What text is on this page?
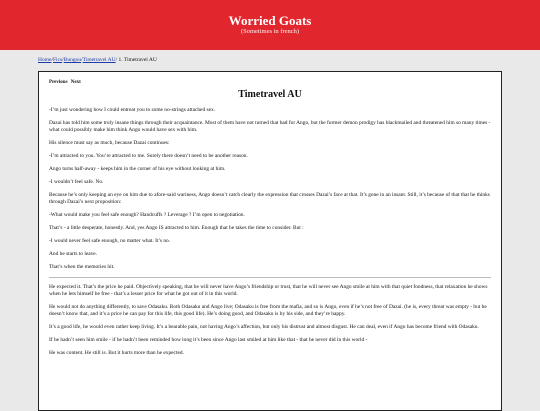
Worried Goats
(Sometimes in french)
Home/Fics/Bungou/Timetravel AU/ 1. Timetravel AU
Previous Next
Timetravel AU

-I’m just wondering how I could entreat you to some no-strings attached sex.

Dazai has told him some truly insane things through their acquaintance. Most of them have not turned that bad for Ango, but the former demon prodigy has blackmailed and threatened him so many times - what could possibly make him think Ango would have sex with him.

His silence must say as much, because Dazai continues:

-I’m attracted to you. You’re attracted to me. Surely there doesn’t need to be another reason.

Ango turns half-away - keeps him in the corner of his eye without looking at him.

-I wouldn’t feel safe. No.

Because he’s only keeping an eye on him due to afore-said wariness, Ango doesn’t catch clearly the expression that crosses Dazai’s face at that. It’s gone in an insant. Still, it’s because of that that he thinks through Dazai’s next proposition:

-What would make you feel safe enough? Handcuffs ? Leverage ? I’m open to negotiation.

That’s - a little desperate, honestly. And, yes Ango IS attracted to him. Enough that he takes the time to consider. But :

-I would never feel safe enough, no matter what. It’s no.

And he starts to leave.

That’s when the memories hit.

He expected it. That’s the price he paid. Objectively speaking, that he will never have Ango’s friendship or trust, that he will never see Ango smile at him with that quiet fondness, that relaxation he shows when he lets himself be free - that’s a lesser price for what he got out of it in this world.

He would not do anything differently, to save Odasaku. Both Odasaku and Ango live; Odasaku is free from the mafia, and so is Ango, even if he’s not free of Dazai. (he is, every threat was empty - but he doesn’t know that, and it’s a price he can pay for this life, this good life). He’s doing good, and Odasaku is by his side, and they’re happy.

It’s a good life, he would even rather keep living. It’s a bearable pain, not having Ango’s affection, but only his distrust and almost disgust. He can deal, even if Ango has become friend with Odasaku.

If he hadn’t seen him smile - if he hadn’t been reminded how long it’s been since Ango last smiled at him like that - that he never did in this world -

He was content. He still is. But it hurts more than he expected.
